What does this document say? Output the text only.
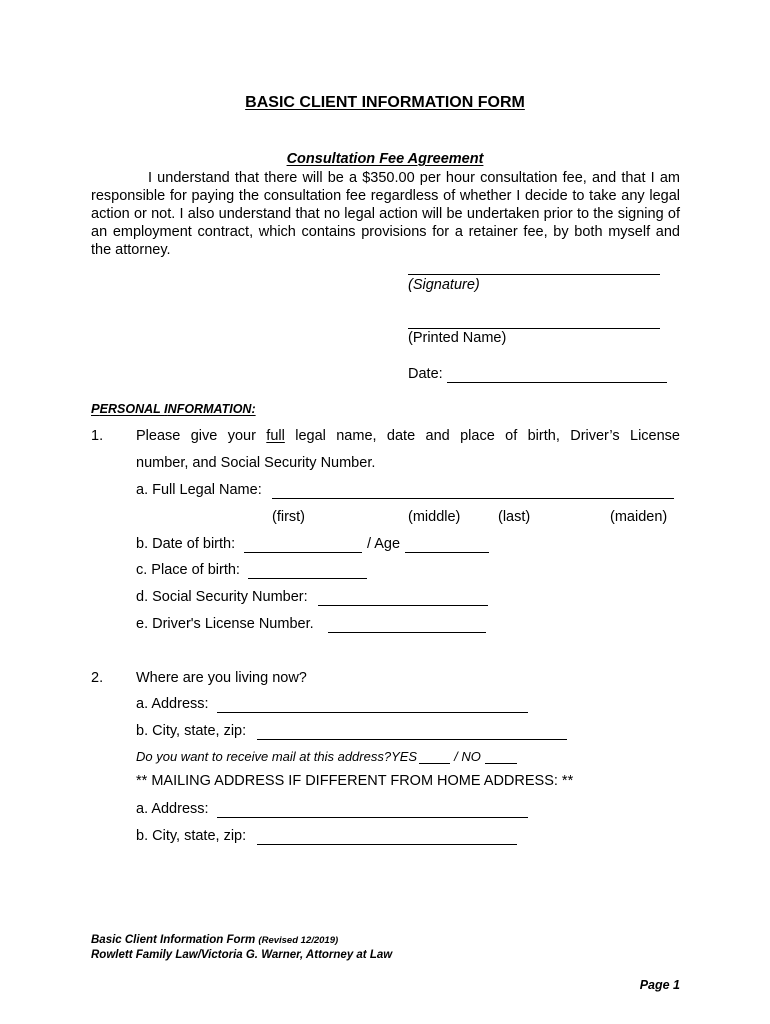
BASIC CLIENT INFORMATION FORM
Consultation Fee Agreement
I understand that there will be a $350.00 per hour consultation fee, and that I am responsible for paying the consultation fee regardless of whether I decide to take any legal action or not. I also understand that no legal action will be undertaken prior to the signing of an employment contract, which contains provisions for a retainer fee, by both myself and the attorney.
(Signature)
(Printed Name)
Date:
PERSONAL INFORMATION:
1. Please give your full legal name, date and place of birth, Driver’s License
number, and Social Security Number.
a. Full Legal Name:
(first)	(middle)	(last)	(maiden)
b. Date of birth:	/ Age
c. Place of birth:
d. Social Security Number:
e. Driver's License Number.
2. Where are you living now?
a. Address:
b. City, state, zip:
Do you want to receive mail at this address?YES	/ NO
** MAILING ADDRESS IF DIFFERENT FROM HOME ADDRESS: **
a. Address:
b. City, state, zip:
Basic Client Information Form (Revised 12/2019)
Rowlett Family Law/Victoria G. Warner, Attorney at Law
Page 1
